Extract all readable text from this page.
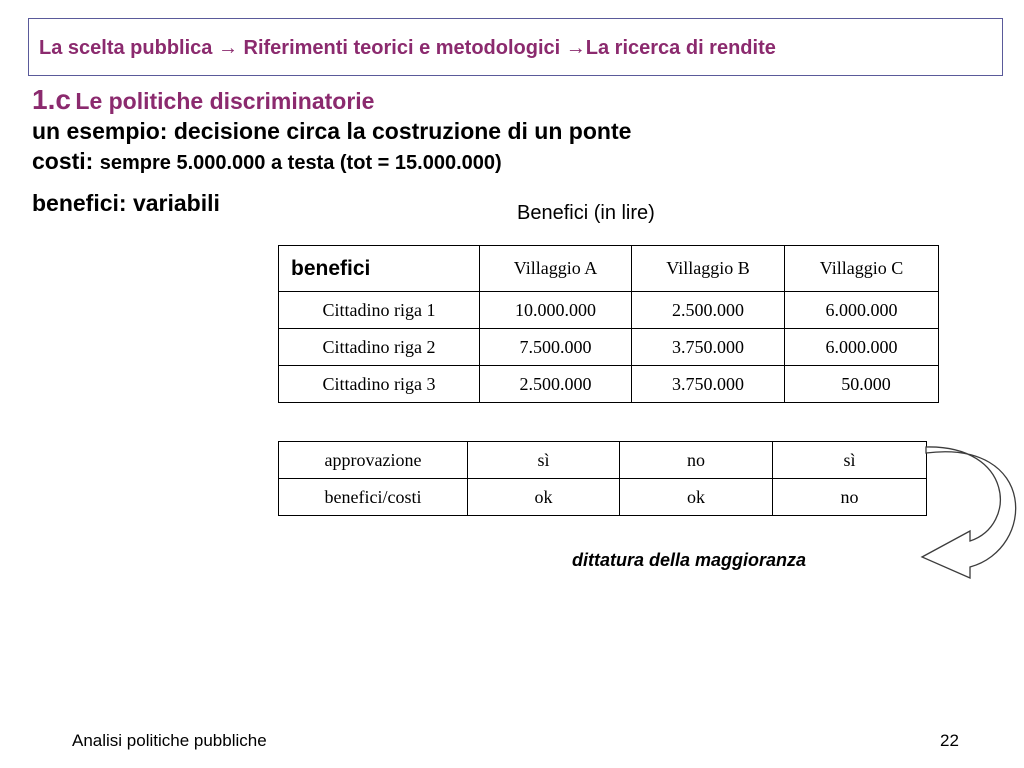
La scelta pubblica → Riferimenti teorici e metodologici →La ricerca di rendite
1.c Le politiche discriminatorie
un esempio: decisione circa la costruzione di un ponte
costi: sempre 5.000.000 a testa (tot = 15.000.000)
benefici: variabili	Benefici (in lire)
benefici	Villaggio A	Villaggio B	Villaggio C
Cittadino riga 1	10.000.000	2.500.000	6.000.000
Cittadino riga 2	7.500.000	3.750.000	6.000.000
Cittadino riga 3	2.500.000	3.750.000	50.000
approvazione	sì	no	sì
benefici/costi	ok	ok	no
dittatura della maggioranza
Analisi politiche pubbliche	22
